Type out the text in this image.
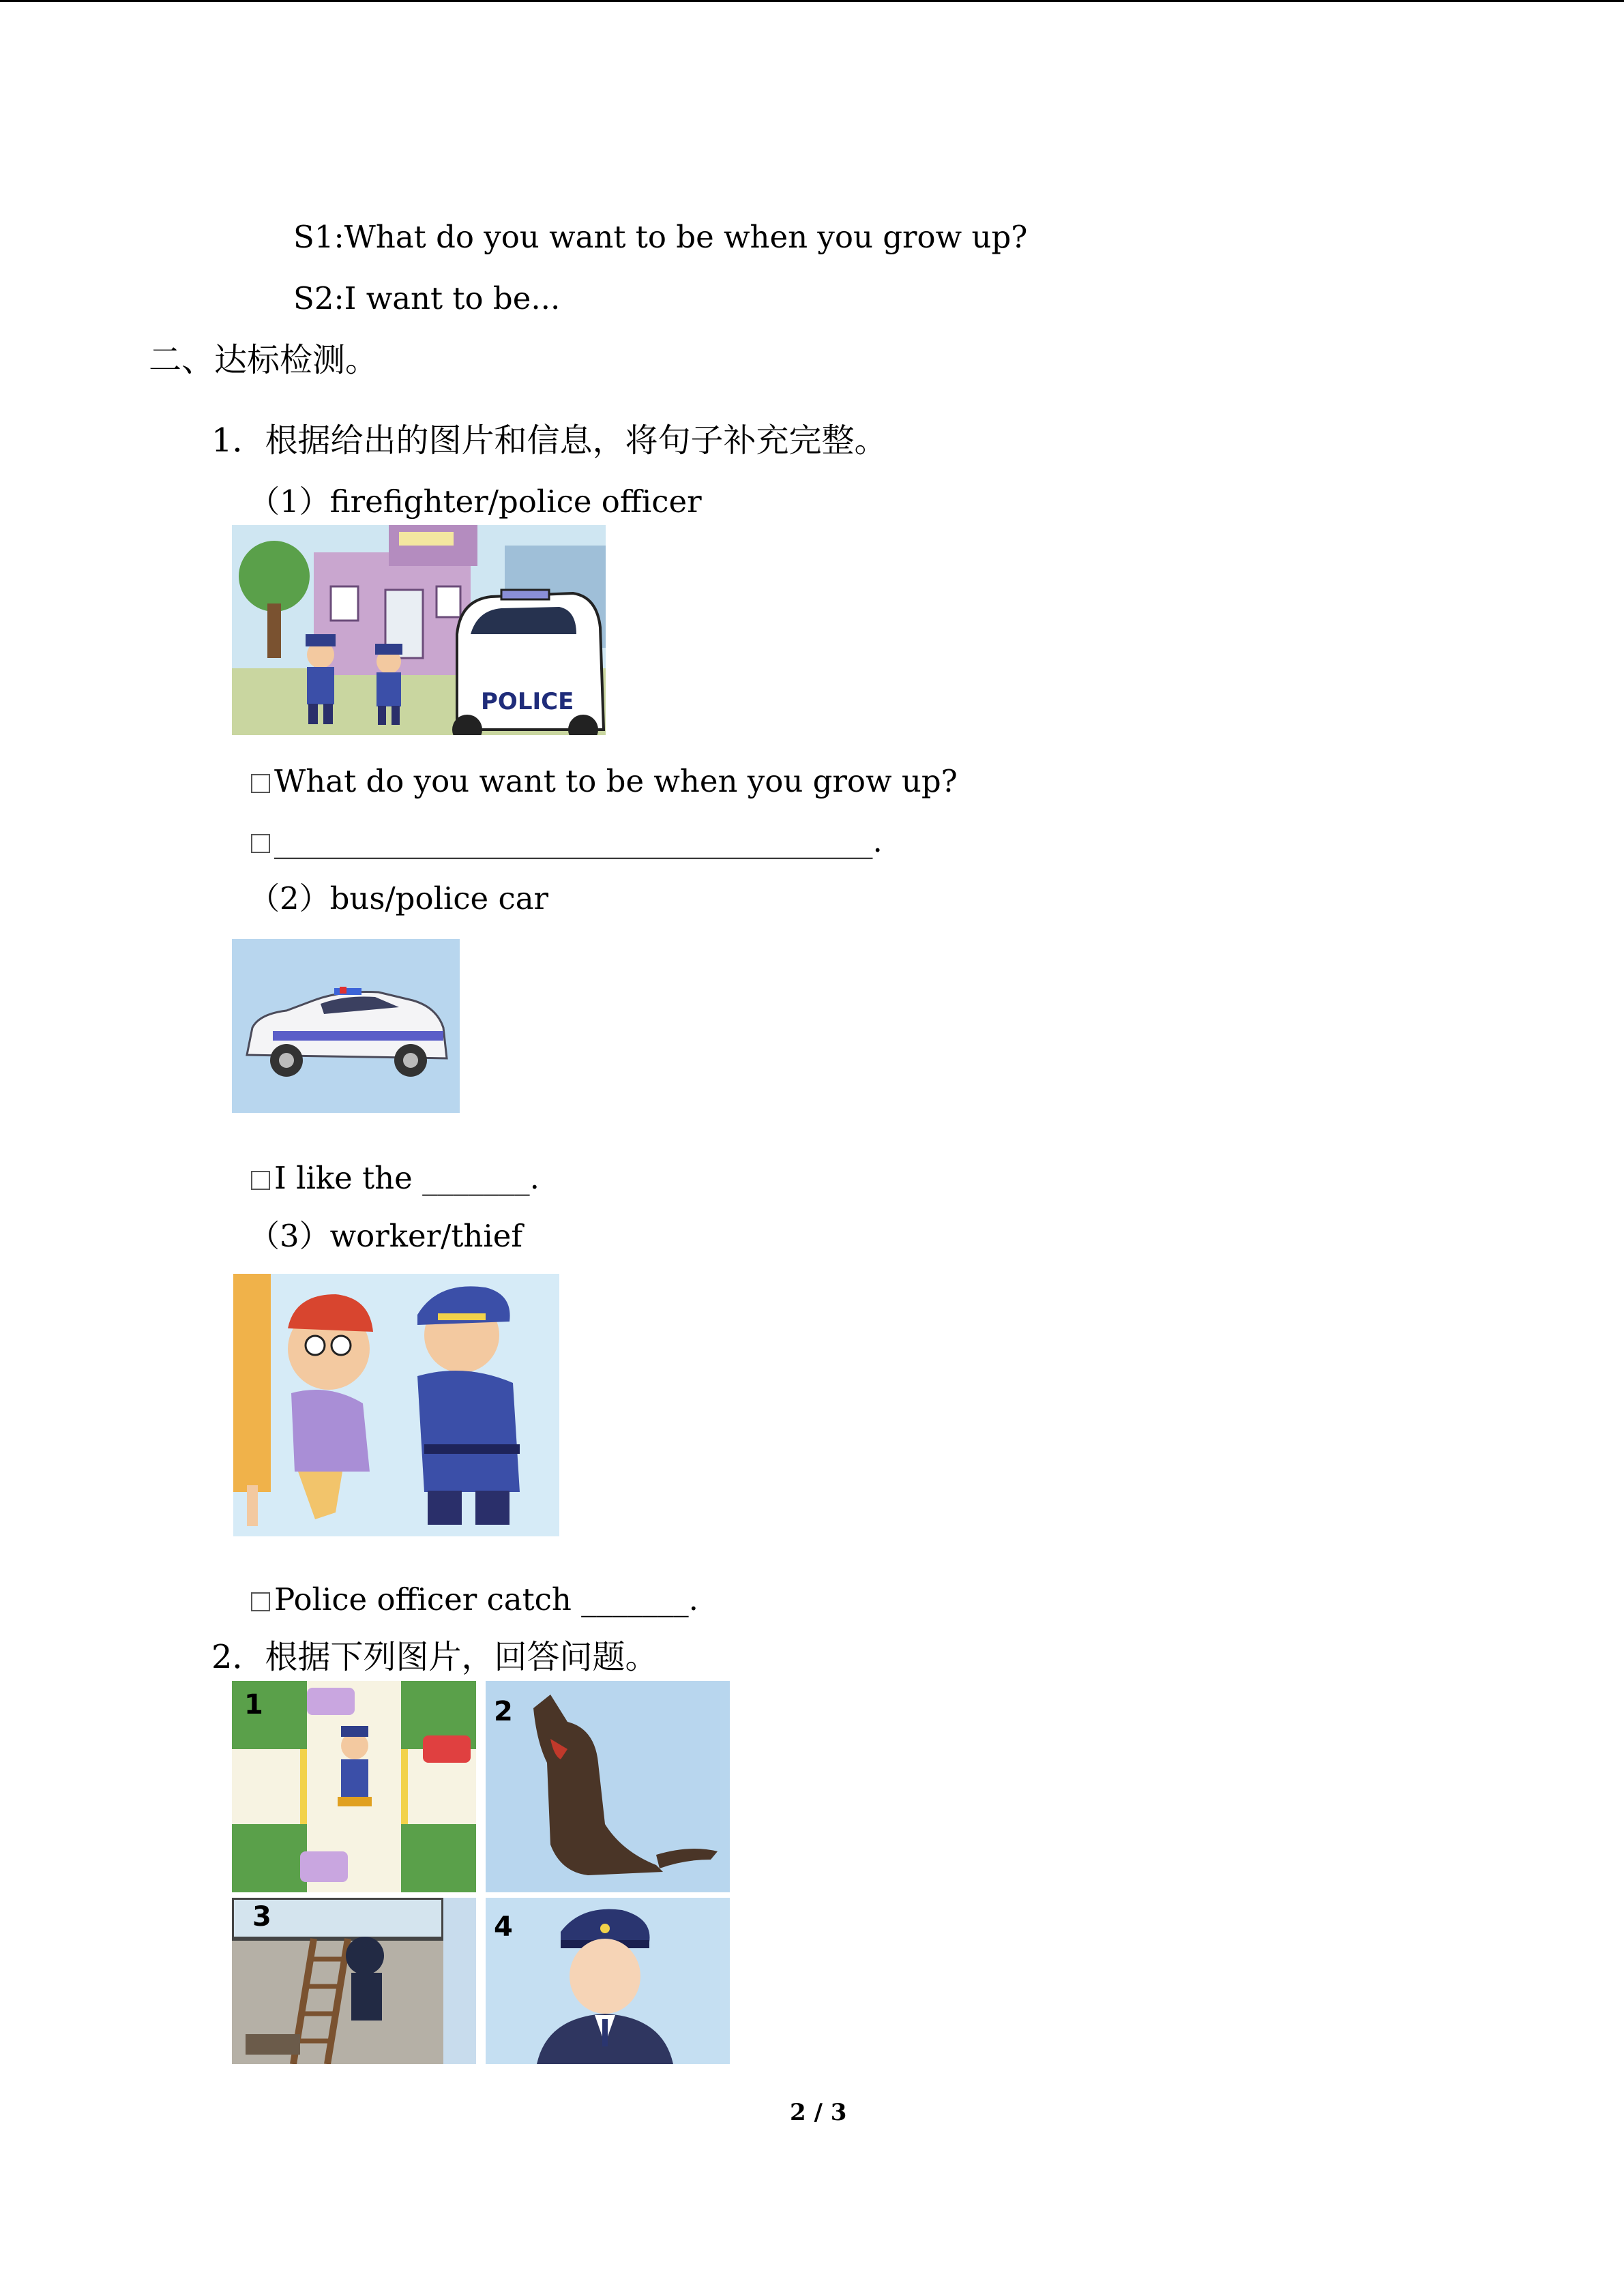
S1:What do you want to be when you grow up?
S2:I want to be...
二、达标检测。
1．根据给出的图片和信息，将句子补充完整。
（1）firefighter/police officer
POLICE
What do you want to be when you grow up?
_______________________________________.
（2）bus/police car
I like the _______.
（3）worker/thief
Police officer catch _______.
2．根据下列图片，回答问题。
1	2
3	4
2 / 3
